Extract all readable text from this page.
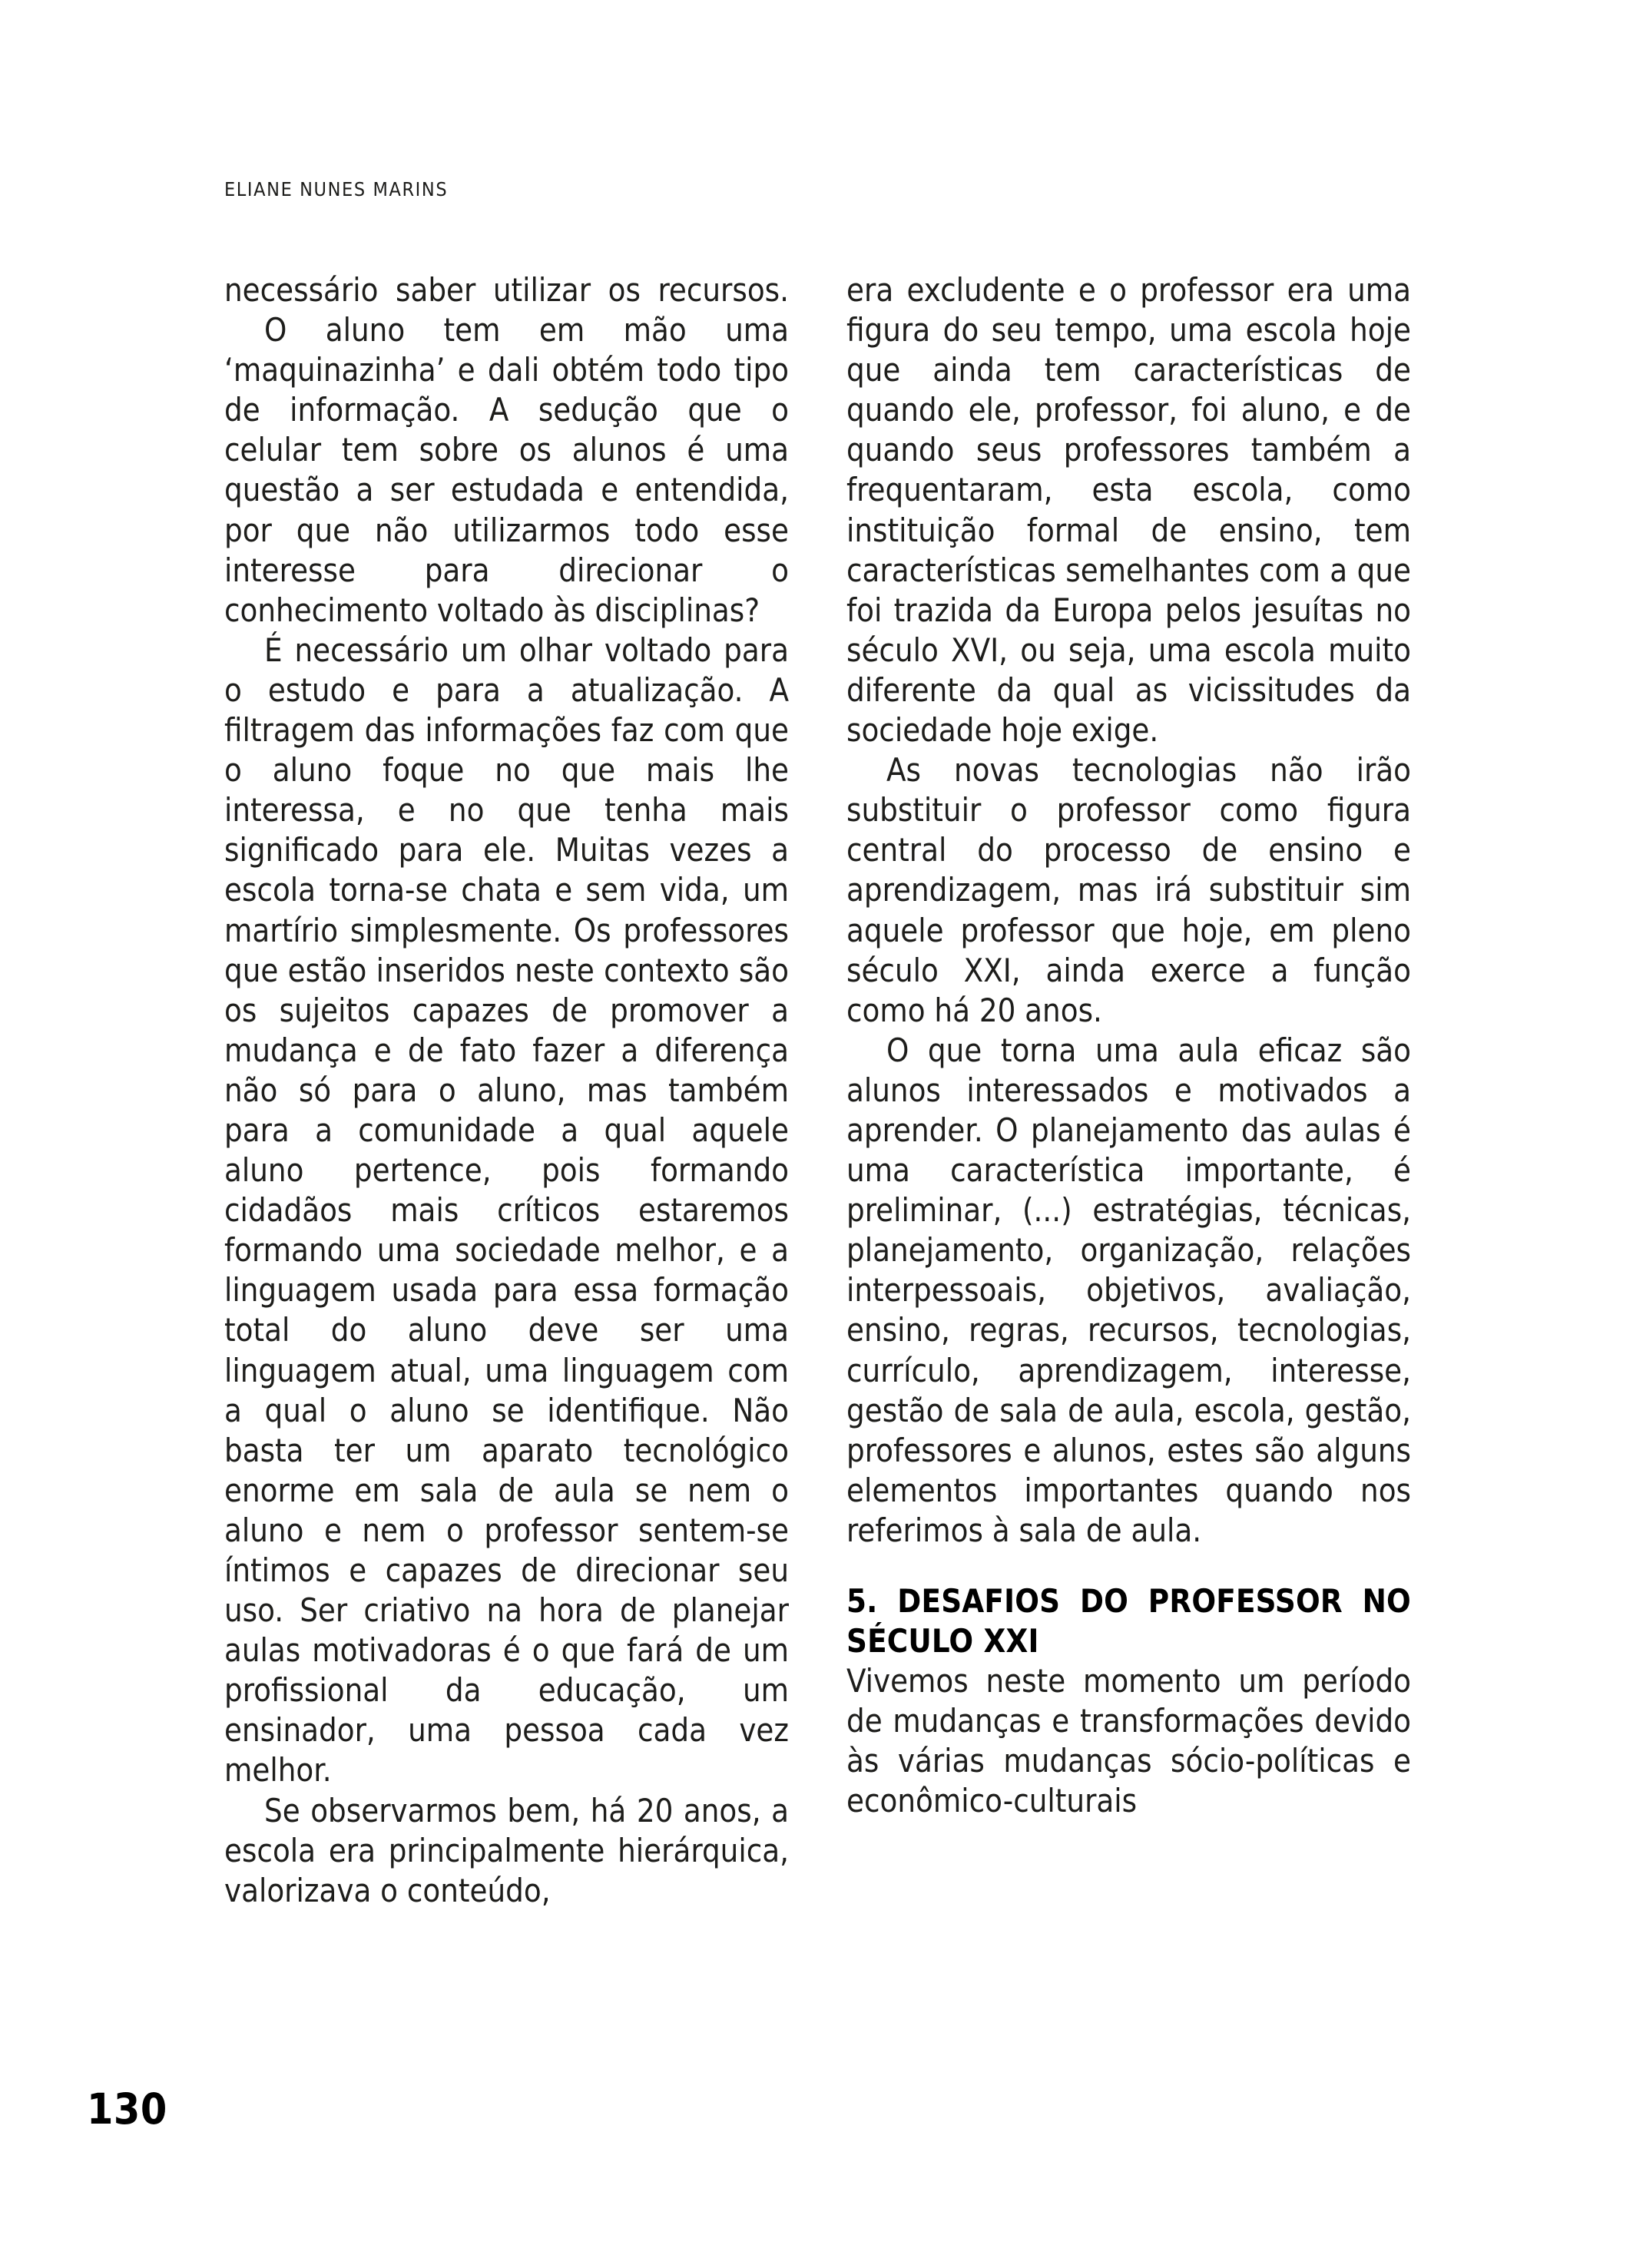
ELIANE NUNES MARINS

necessário saber utilizar os recursos.

O aluno tem em mão uma ‘maquinazinha’ e dali obtém todo tipo de informação. A sedução que o celular tem sobre os alunos é uma questão a ser estudada e entendida, por que não utilizarmos todo esse interesse para direcionar o conhecimento voltado às disciplinas?

É necessário um olhar voltado para o estudo e para a atualização. A filtragem das informações faz com que o aluno foque no que mais lhe interessa, e no que tenha mais significado para ele. Muitas vezes a escola torna-se chata e sem vida, um martírio simplesmente. Os professores que estão inseridos neste contexto são os sujeitos capazes de promover a mudança e de fato fazer a diferença não só para o aluno, mas também para a comunidade a qual aquele aluno pertence, pois formando cidadãos mais críticos estaremos formando uma sociedade melhor, e a linguagem usada para essa formação total do aluno deve ser uma linguagem atual, uma linguagem com a qual o aluno se identifique. Não basta ter um aparato tecnológico enorme em sala de aula se nem o aluno e nem o professor sentem-se íntimos e capazes de direcionar seu uso. Ser criativo na hora de planejar aulas motivadoras é o que fará de um profissional da educação, um ensinador, uma pessoa cada vez melhor.

Se observarmos bem, há 20 anos, a escola era principalmente hierárquica, valorizava o conteúdo,

era excludente e o professor era uma figura do seu tempo, uma escola hoje que ainda tem características de quando ele, professor, foi aluno, e de quando seus professores também a frequentaram, esta escola, como instituição formal de ensino, tem características semelhantes com a que foi trazida da Europa pelos jesuítas no século XVI, ou seja, uma escola muito diferente da qual as vicissitudes da sociedade hoje exige.

As novas tecnologias não irão substituir o professor como figura central do processo de ensino e aprendizagem, mas irá substituir sim aquele professor que hoje, em pleno século XXI, ainda exerce a função como há 20 anos.

O que torna uma aula eficaz são alunos interessados e motivados a aprender. O planejamento das aulas é uma característica importante, é preliminar, (...) estratégias, técnicas, planejamento, organização, relações interpessoais, objetivos, avaliação, ensino, regras, recursos, tecnologias, currículo, aprendizagem, interesse, gestão de sala de aula, escola, gestão, professores e alunos, estes são alguns elementos importantes quando nos referimos à sala de aula.

5. DESAFIOS DO PROFESSOR NO
SÉCULO XXI

Vivemos neste momento um período de mudanças e transformações devido às várias mudanças sócio-políticas e econômico-culturais

130
